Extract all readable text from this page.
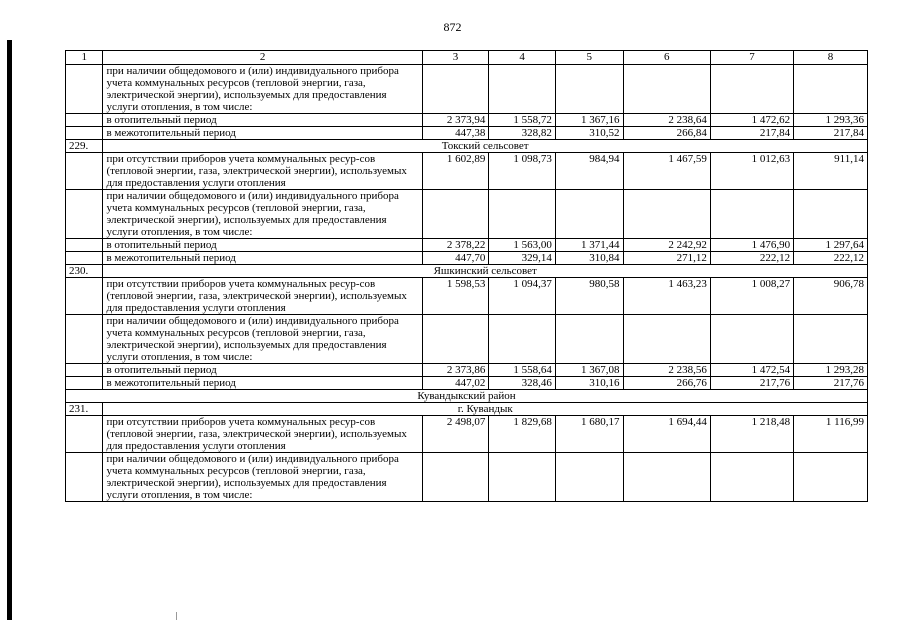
872
1	2	3	4	5	6	7	8
	при наличии общедомового и (или) индивидуального прибора учета коммунальных ресурсов (тепловой энергии, газа, электрической энергии), используемых для предоставления услуги отопления, в том числе:						
	в отопительный период	2 373,94	1 558,72	1 367,16	2 238,64	1 472,62	1 293,36
	в межотопительный период	447,38	328,82	310,52	266,84	217,84	217,84
229.	Токский сельсовет						
	при отсутствии приборов учета коммунальных ресур-сов (тепловой энергии, газа, электрической энергии), используемых для предоставления услуги отопления	1 602,89	1 098,73	984,94	1 467,59	1 012,63	911,14
	при наличии общедомового и (или) индивидуального прибора учета коммунальных ресурсов (тепловой энергии, газа, электрической энергии), используемых для предоставления услуги отопления, в том числе:						
	в отопительный период	2 378,22	1 563,00	1 371,44	2 242,92	1 476,90	1 297,64
	в межотопительный период	447,70	329,14	310,84	271,12	222,12	222,12
230.	Яшкинский сельсовет						
	при отсутствии приборов учета коммунальных ресур-сов (тепловой энергии, газа, электрической энергии), используемых для предоставления услуги отопления	1 598,53	1 094,37	980,58	1 463,23	1 008,27	906,78
	при наличии общедомового и (или) индивидуального прибора учета коммунальных ресурсов (тепловой энергии, газа, электрической энергии), используемых для предоставления услуги отопления, в том числе:						
	в отопительный период	2 373,86	1 558,64	1 367,08	2 238,56	1 472,54	1 293,28
	в межотопительный период	447,02	328,46	310,16	266,76	217,76	217,76
Кувандыкский район							
231.	г. Кувандык						
	при отсутствии приборов учета коммунальных ресур-сов (тепловой энергии, газа, электрической энергии), используемых для предоставления услуги отопления	2 498,07	1 829,68	1 680,17	1 694,44	1 218,48	1 116,99
	при наличии общедомового и (или) индивидуального прибора учета коммунальных ресурсов (тепловой энергии, газа, электрической энергии), используемых для предоставления услуги отопления, в том числе:						
